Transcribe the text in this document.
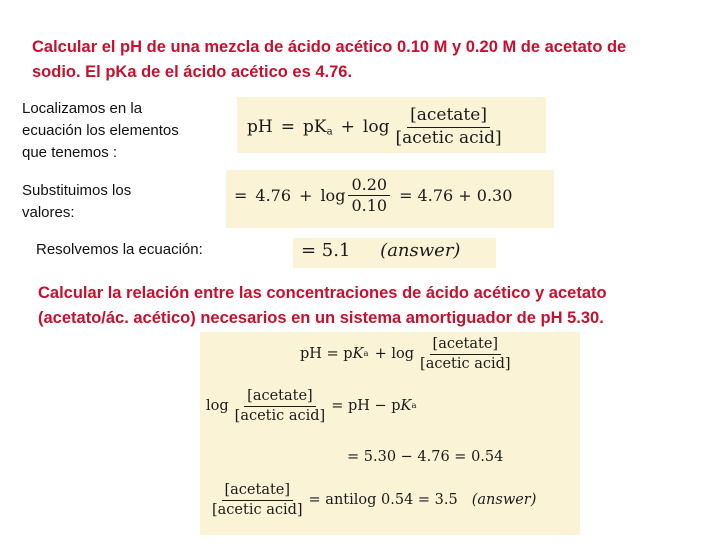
Calcular el pH de una mezcla de ácido acético 0.10 M y 0.20 M de acetato de
sodio. El pKa de el ácido acético es 4.76.
Localizamos en la
ecuación los elementos
que tenemos :
pH = $pK_a + \log \frac{\text{[acetate]}}{\text{[acetic acid]}}$
Substituimos los
valores:
= $4.76 + \log \frac{0.20}{0.10} = 4.76 + 0.30$
Resolvemos la ecuación:	= 5.1 (answer)
Calcular la relación entre las concentraciones de ácido acético y acetato
(acetato/ác. acético) necesarios en un sistema amortiguador de pH 5.30.
pH = p K $a + \log \frac{\text{[acetate]}}{\text{[acetic acid]}}$
$\log \frac{\text{[acetate]}}{\text{[acetic acid]}}$ = pH − p K a
= 5.30 − 4.76 = 0.54
$\frac{\text{[acetate]}}{\text{[acetic acid]}}$ = antilog 0.54 = 3.5 (answer)
